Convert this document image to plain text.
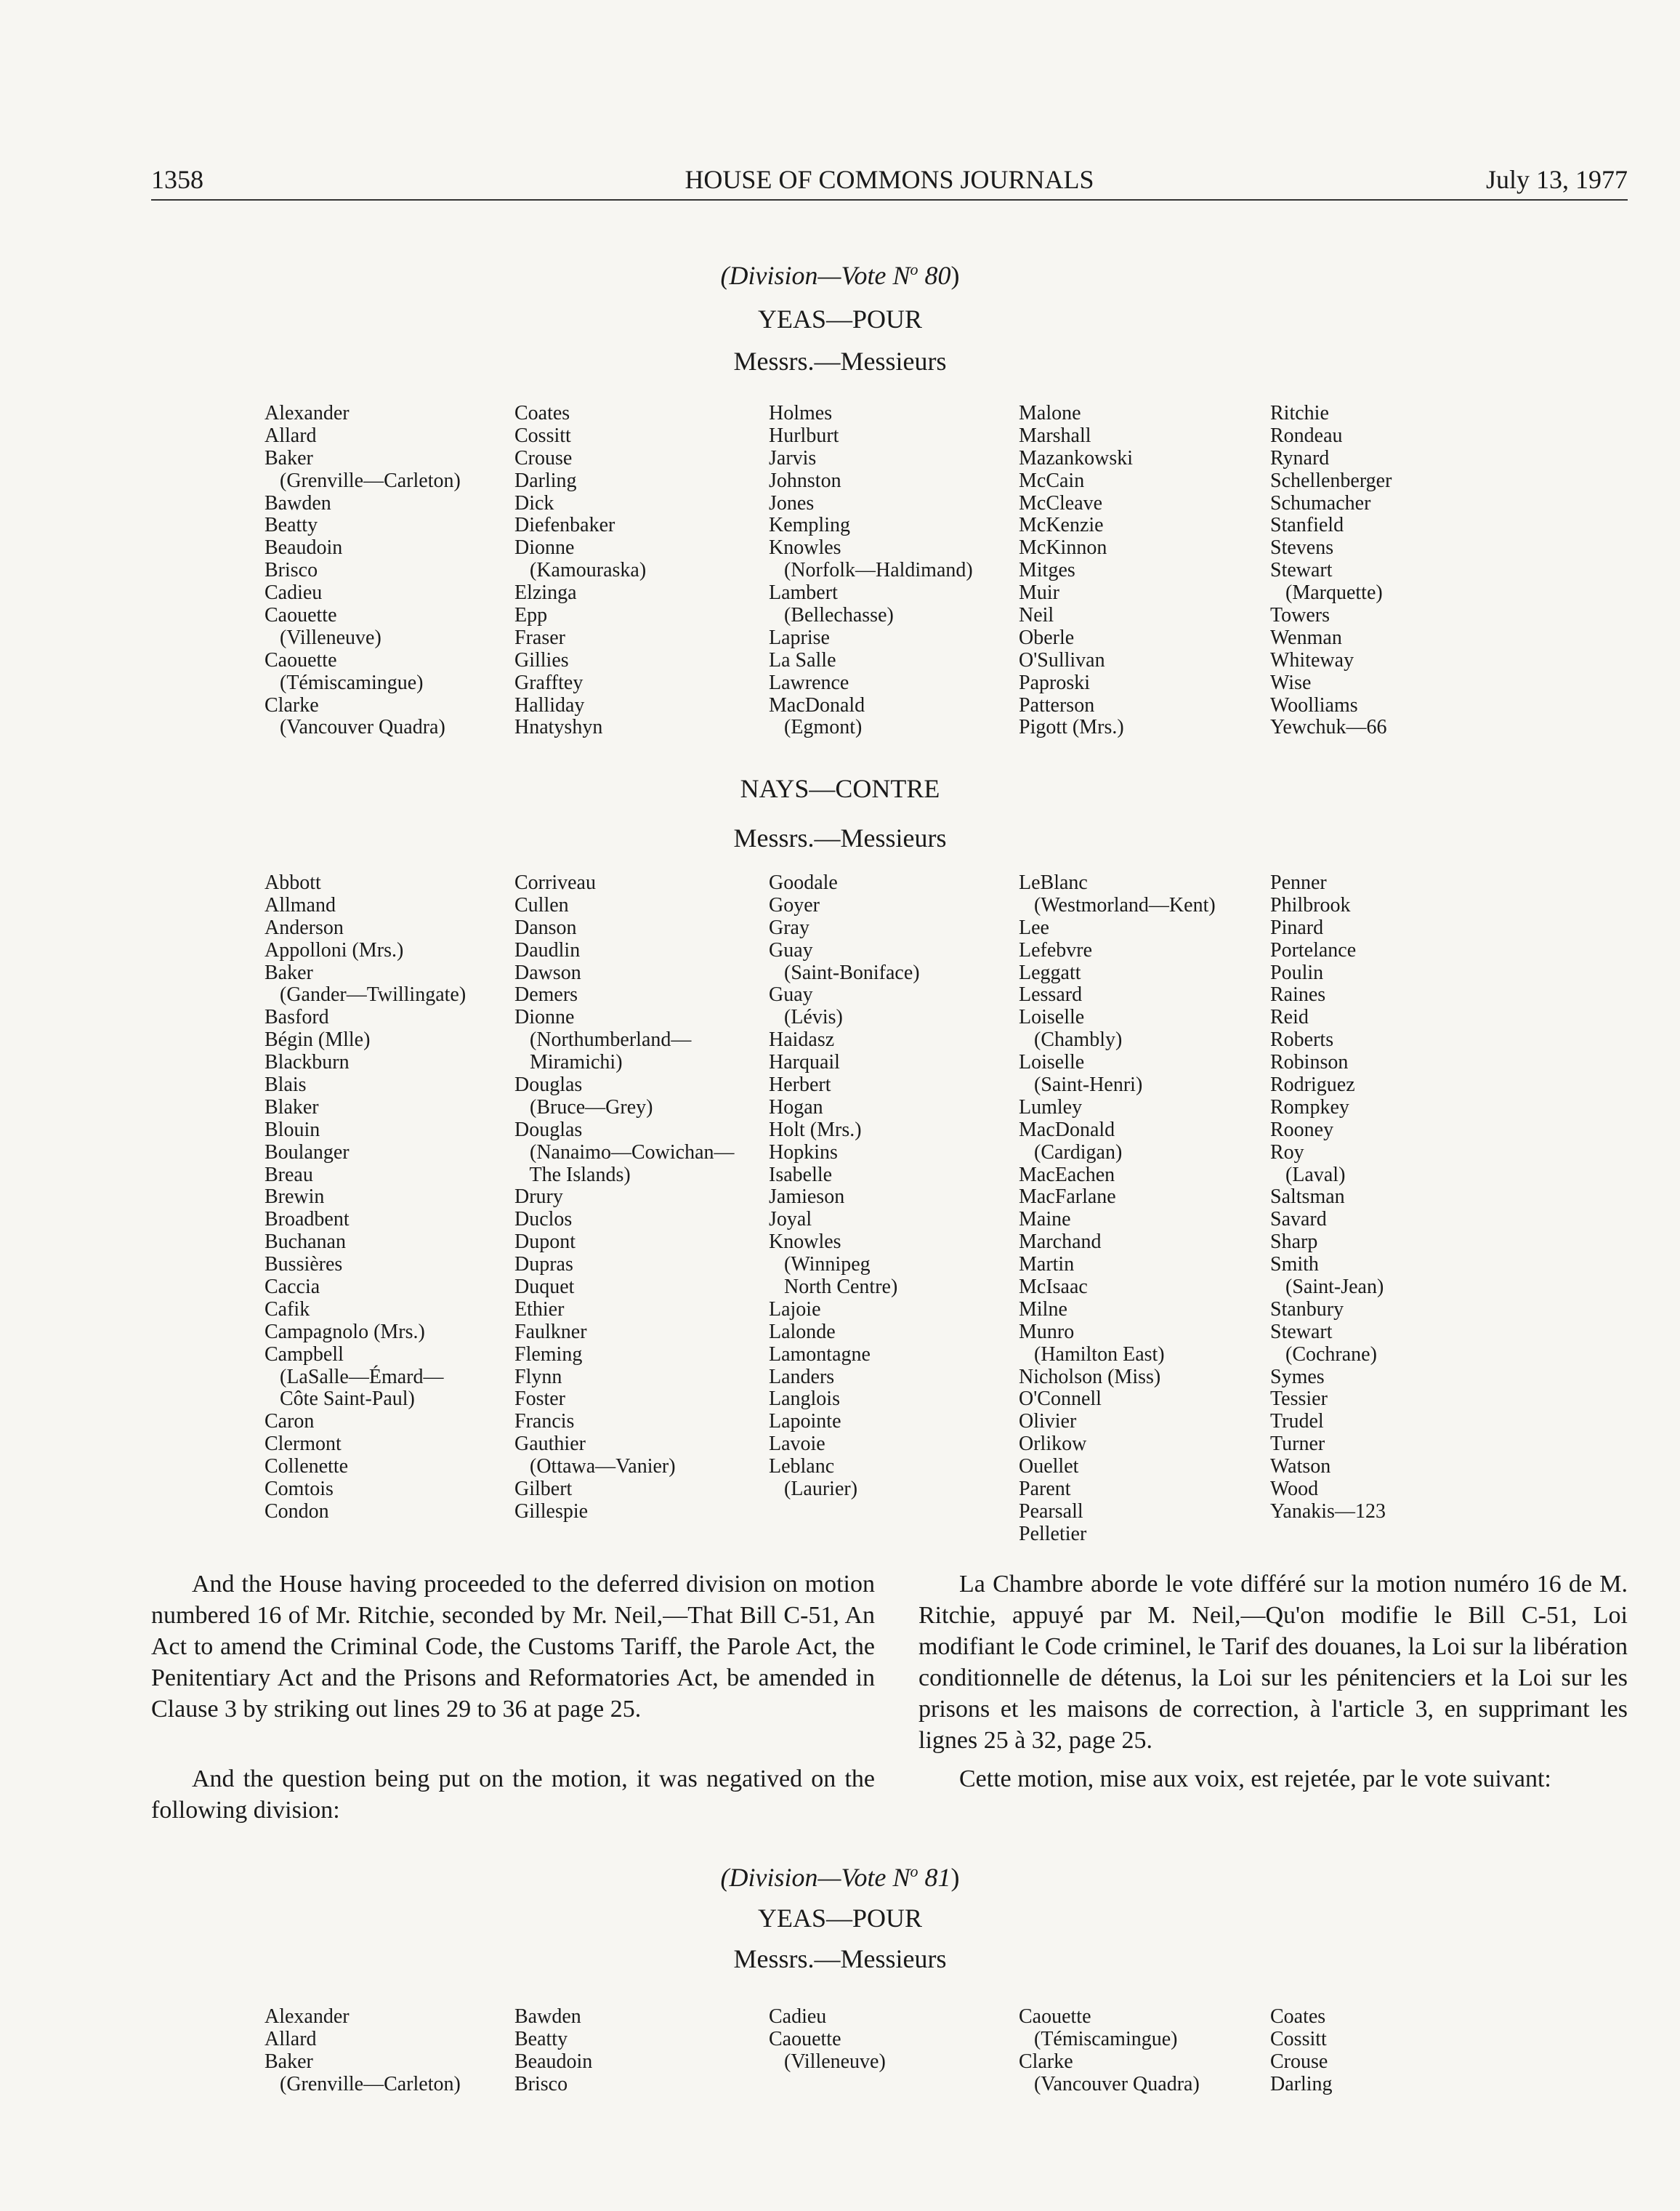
1358	HOUSE OF COMMONS JOURNALS	July 13, 1977
(Division—Vote $N^o$ 80)
YEAS—POUR
Messrs.—Messieurs
Alexander
Allard
Baker
(Grenville—Carleton)
Bawden
Beatty
Beaudoin
Brisco
Cadieu
Caouette
(Villeneuve)
Caouette
(Témiscamingue)
Clarke
(Vancouver Quadra)
Coates
Cossitt
Crouse
Darling
Dick
Diefenbaker
Dionne
(Kamouraska)
Elzinga
Epp
Fraser
Gillies
Grafftey
Halliday
Hnatyshyn
Holmes
Hurlburt
Jarvis
Johnston
Jones
Kempling
Knowles
(Norfolk—Haldimand)
Lambert
(Bellechasse)
Laprise
La Salle
Lawrence
MacDonald
(Egmont)
Malone
Marshall
Mazankowski
McCain
McCleave
McKenzie
McKinnon
Mitges
Muir
Neil
Oberle
O'Sullivan
Paproski
Patterson
Pigott (Mrs.)
Ritchie
Rondeau
Rynard
Schellenberger
Schumacher
Stanfield
Stevens
Stewart
(Marquette)
Towers
Wenman
Whiteway
Wise
Woolliams
Yewchuk—66
NAYS—CONTRE
Messrs.—Messieurs
Abbott
Allmand
Anderson
Appolloni (Mrs.)
Baker
(Gander—Twillingate)
Basford
Bégin (Mlle)
Blackburn
Blais
Blaker
Blouin
Boulanger
Breau
Brewin
Broadbent
Buchanan
Bussières
Caccia
Cafik
Campagnolo (Mrs.)
Campbell
(LaSalle—Émard—
Côte Saint-Paul)
Caron
Clermont
Collenette
Comtois
Condon
Corriveau
Cullen
Danson
Daudlin
Dawson
Demers
Dionne
(Northumberland—
Miramichi)
Douglas
(Bruce—Grey)
Douglas
(Nanaimo—Cowichan—
The Islands)
Drury
Duclos
Dupont
Dupras
Duquet
Ethier
Faulkner
Fleming
Flynn
Foster
Francis
Gauthier
(Ottawa—Vanier)
Gilbert
Gillespie
Goodale
Goyer
Gray
Guay
(Saint-Boniface)
Guay
(Lévis)
Haidasz
Harquail
Herbert
Hogan
Holt (Mrs.)
Hopkins
Isabelle
Jamieson
Joyal
Knowles
(Winnipeg
North Centre)
Lajoie
Lalonde
Lamontagne
Landers
Langlois
Lapointe
Lavoie
Leblanc
(Laurier)
LeBlanc
(Westmorland—Kent)
Lee
Lefebvre
Leggatt
Lessard
Loiselle
(Chambly)
Loiselle
(Saint-Henri)
Lumley
MacDonald
(Cardigan)
MacEachen
MacFarlane
Maine
Marchand
Martin
McIsaac
Milne
Munro
(Hamilton East)
Nicholson (Miss)
O'Connell
Olivier
Orlikow
Ouellet
Parent
Pearsall
Pelletier
Penner
Philbrook
Pinard
Portelance
Poulin
Raines
Reid
Roberts
Robinson
Rodriguez
Rompkey
Rooney
Roy
(Laval)
Saltsman
Savard
Sharp
Smith
(Saint-Jean)
Stanbury
Stewart
(Cochrane)
Symes
Tessier
Trudel
Turner
Watson
Wood
Yanakis—123
And the House having proceeded to the deferred division on motion numbered 16 of Mr. Ritchie, seconded by Mr. Neil,—That Bill C-51, An Act to amend the Criminal Code, the Customs Tariff, the Parole Act, the Penitentiary Act and the Prisons and Reformatories Act, be amended in Clause 3 by striking out lines 29 to 36 at page 25.
And the question being put on the motion, it was negatived on the following division:
La Chambre aborde le vote différé sur la motion numéro 16 de M. Ritchie, appuyé par M. Neil,—Qu'on modifie le Bill C-51, Loi modifiant le Code criminel, le Tarif des douanes, la Loi sur la libération conditionnelle de détenus, la Loi sur les pénitenciers et la Loi sur les prisons et les maisons de correction, à l'article 3, en supprimant les lignes 25 à 32, page 25.
Cette motion, mise aux voix, est rejetée, par le vote suivant:
(Division—Vote $N^o$ 81)
YEAS—POUR
Messrs.—Messieurs
Alexander
Allard
Baker
(Grenville—Carleton)
Bawden
Beatty
Beaudoin
Brisco
Cadieu
Caouette
(Villeneuve)
Caouette
(Témiscamingue)
Clarke
(Vancouver Quadra)
Coates
Cossitt
Crouse
Darling
